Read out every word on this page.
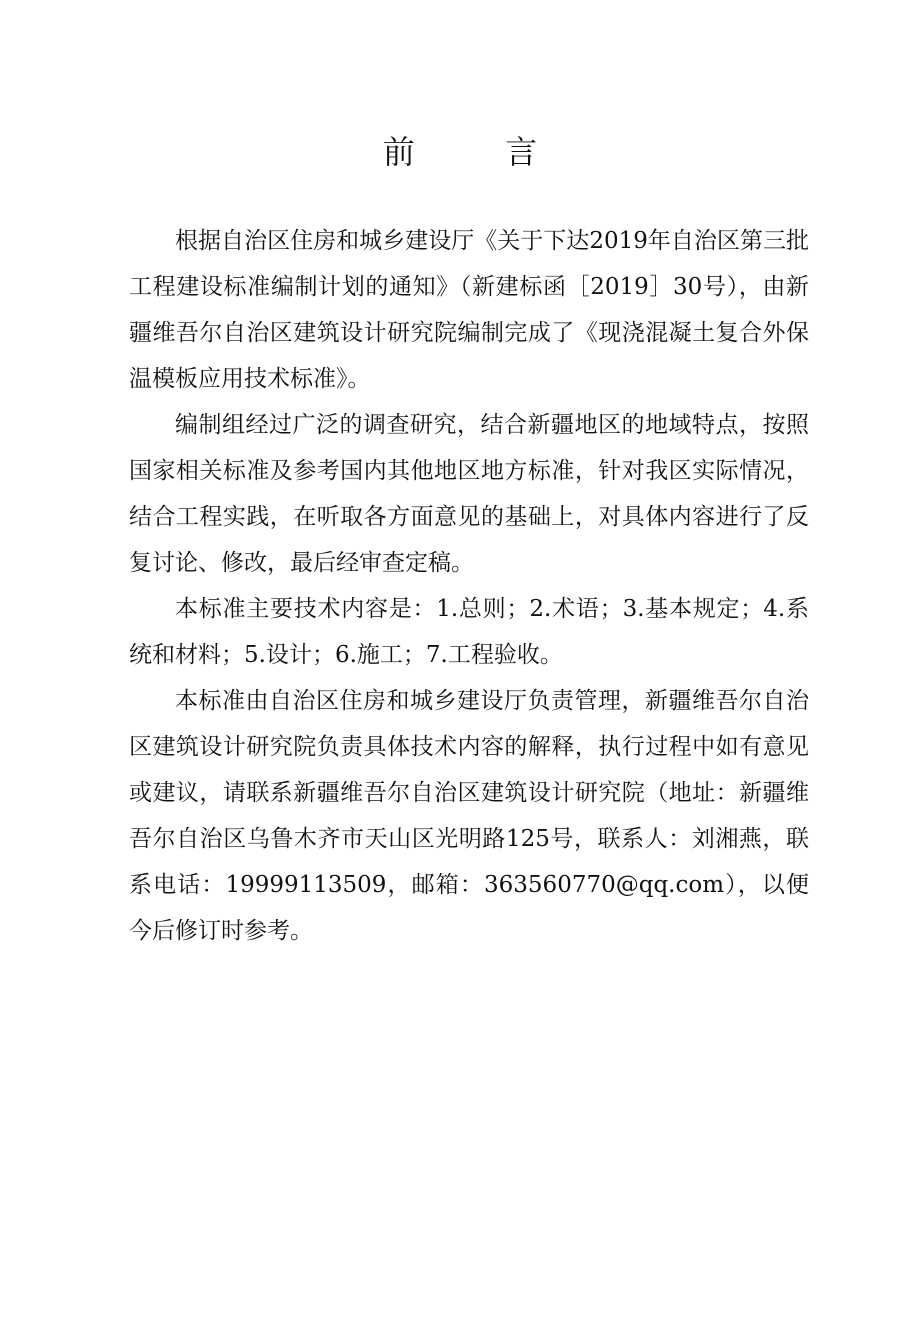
前 言

根据自治区住房和城乡建设厅《关于下达2019年自治区第三批工程建设标准编制计划的通知》（新建标函［2019］30号），由新疆维吾尔自治区建筑设计研究院编制完成了《现浇混凝土复合外保温模板应用技术标准》。

编制组经过广泛的调查研究，结合新疆地区的地域特点，按照国家相关标准及参考国内其他地区地方标准，针对我区实际情况，结合工程实践，在听取各方面意见的基础上，对具体内容进行了反复讨论、修改，最后经审查定稿。

本标准主要技术内容是：1.总则；2.术语；3.基本规定；4.系统和材料；5.设计；6.施工；7.工程验收。

本标准由自治区住房和城乡建设厅负责管理，新疆维吾尔自治区建筑设计研究院负责具体技术内容的解释，执行过程中如有意见或建议，请联系新疆维吾尔自治区建筑设计研究院（地址：新疆维吾尔自治区乌鲁木齐市天山区光明路125号，联系人：刘湘燕，联系电话：19999113509，邮箱：363560770@qq.com），以便今后修订时参考。
